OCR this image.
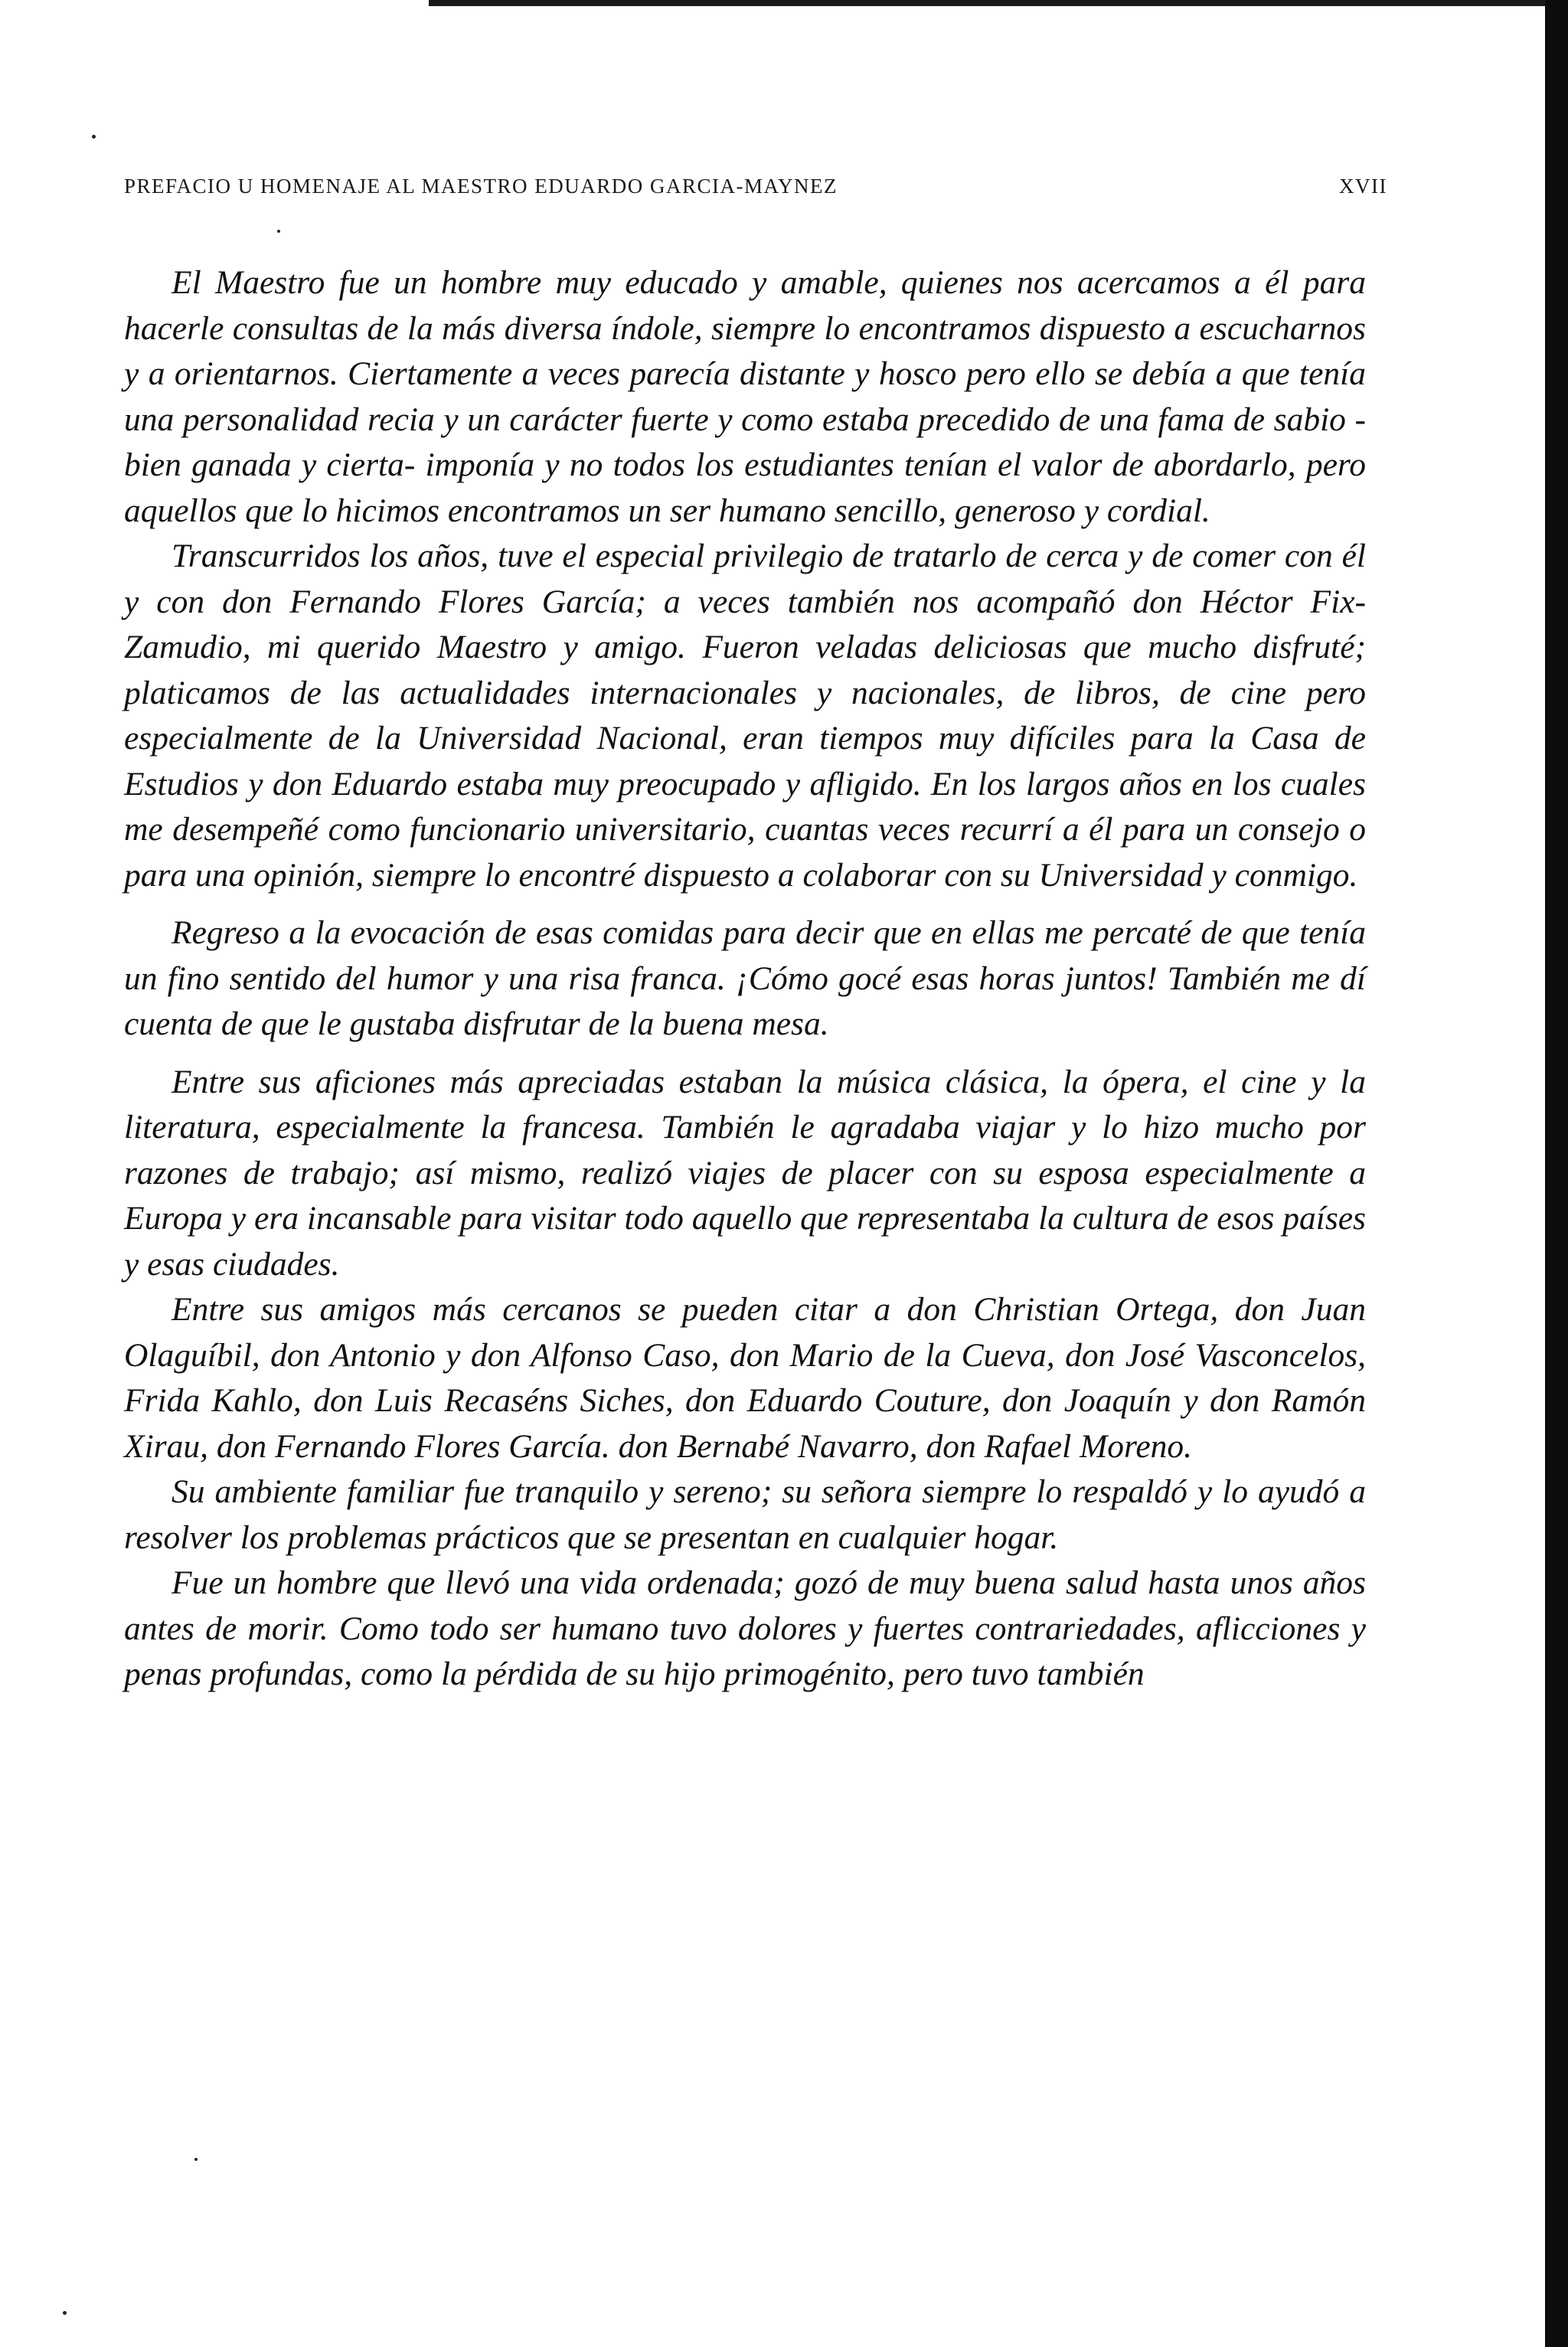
PREFACIO U HOMENAJE AL MAESTRO EDUARDO GARCIA-MAYNEZ	XVII

El Maestro fue un hombre muy educado y amable, quienes nos acercamos a él para hacerle consultas de la más diversa índole, siempre lo encontramos dispuesto a escucharnos y a orientarnos. Ciertamente a veces parecía distante y hosco pero ello se debía a que tenía una personalidad recia y un carácter fuerte y como estaba precedido de una fama de sabio -bien ganada y cierta- imponía y no todos los estudiantes tenían el valor de abordarlo, pero aquellos que lo hicimos encontramos un ser humano sencillo, generoso y cordial.

Transcurridos los años, tuve el especial privilegio de tratarlo de cerca y de comer con él y con don Fernando Flores García; a veces también nos acompañó don Héctor Fix-Zamudio, mi querido Maestro y amigo. Fueron veladas deliciosas que mucho disfruté; platicamos de las actualidades internacionales y nacionales, de libros, de cine pero especialmente de la Universidad Nacional, eran tiempos muy difíciles para la Casa de Estudios y don Eduardo estaba muy preocupado y afligido. En los largos años en los cuales me desempeñé como funcionario universitario, cuantas veces recurrí a él para un consejo o para una opinión, siempre lo encontré dispuesto a colaborar con su Universidad y conmigo.

Regreso a la evocación de esas comidas para decir que en ellas me percaté de que tenía un fino sentido del humor y una risa franca. ¡Cómo gocé esas horas juntos! También me dí cuenta de que le gustaba disfrutar de la buena mesa.

Entre sus aficiones más apreciadas estaban la música clásica, la ópera, el cine y la literatura, especialmente la francesa. También le agradaba viajar y lo hizo mucho por razones de trabajo; así mismo, realizó viajes de placer con su esposa especialmente a Europa y era incansable para visitar todo aquello que representaba la cultura de esos países y esas ciudades.

Entre sus amigos más cercanos se pueden citar a don Christian Ortega, don Juan Olaguíbil, don Antonio y don Alfonso Caso, don Mario de la Cueva, don José Vasconcelos, Frida Kahlo, don Luis Recaséns Siches, don Eduardo Couture, don Joaquín y don Ramón Xirau, don Fernando Flores García. don Bernabé Navarro, don Rafael Moreno.

Su ambiente familiar fue tranquilo y sereno; su señora siempre lo respaldó y lo ayudó a resolver los problemas prácticos que se presentan en cualquier hogar.

Fue un hombre que llevó una vida ordenada; gozó de muy buena salud hasta unos años antes de morir. Como todo ser humano tuvo dolores y fuertes contrariedades, aflicciones y penas profundas, como la pérdida de su hijo primogénito, pero tuvo también
